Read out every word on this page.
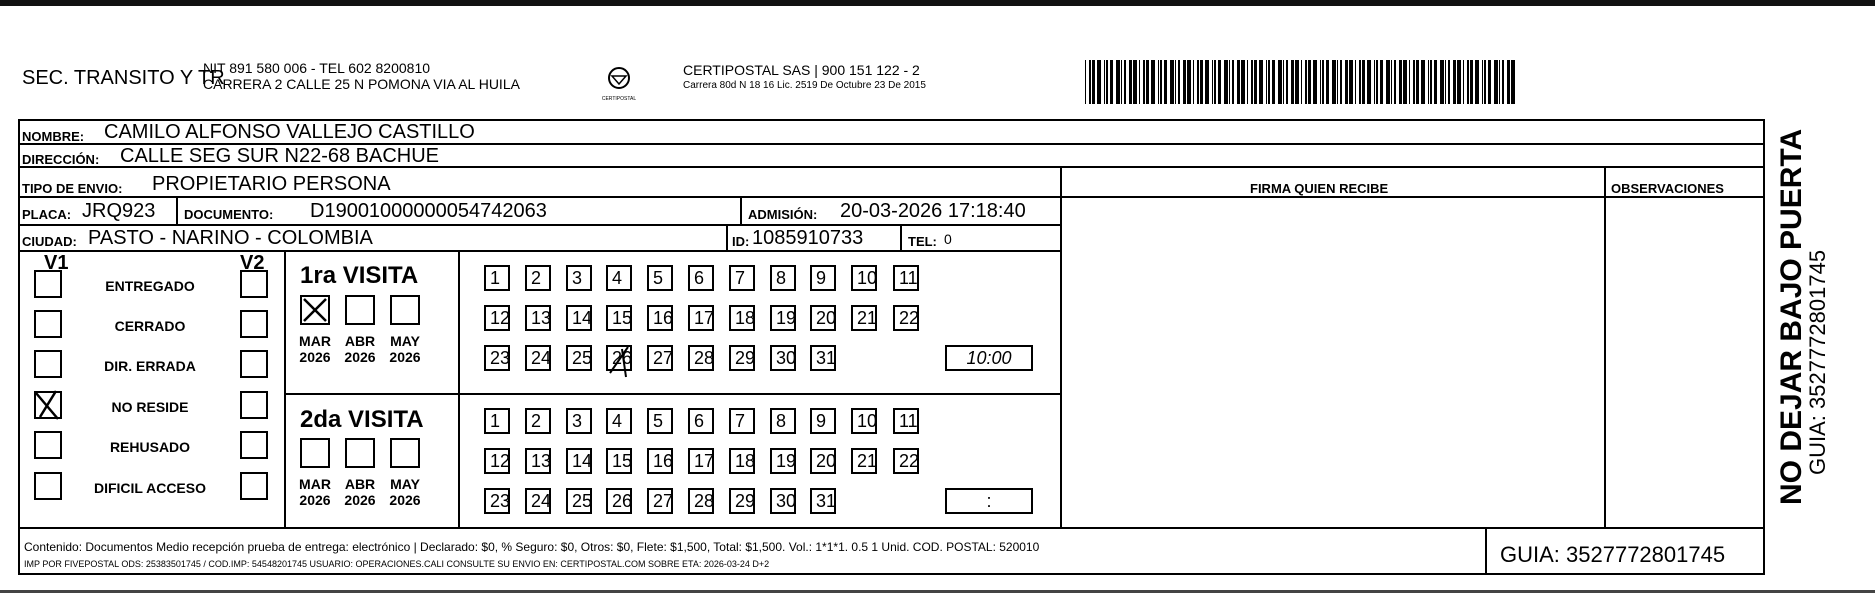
SEC. TRANSITO Y TR
NIT 891 580 006 - TEL 602 8200810
CARRERA 2 CALLE 25 N POMONA VIA AL HUILA
CERTIPOSTAL
CERTIPOSTAL SAS | 900 151 122 - 2
Carrera 80d N 18 16 Lic. 2519 De Octubre 23 De 2015
NOMBRE: CAMILO ALFONSO VALLEJO CASTILLO
DIRECCIÓN: CALLE SEG SUR N22-68 BACHUE
TIPO DE ENVIO: PROPIETARIO PERSONA	FIRMA QUIEN RECIBE	OBSERVACIONES
PLACA: JRQ923 DOCUMENTO: D19001000000054742063	ADMISIÓN: 20-03-2026 17:18:40
CIUDAD: PASTO - NARINO - COLOMBIA	ID: 1085910733	TEL: 0
V1	V2
ENTREGADO
CERRADO
DIR. ERRADA
NO RESIDE
REHUSADO
DIFICIL ACCESO
1ra VISITA
2da VISITA
MAR
2026
ABR
2026
MAY
2026
1	2	3	4	5	6	7	8	9	10	11
12	13	14	15	16	17	18	19	20	21	22
23	24	25	26	27	28	29	30	31	10:00
MAR
2026
ABR
2026
MAY
2026
1	2	3	4	5	6	7	8	9	10	11
12	13	14	15	16	17	18	19	20	21	22
23	24	25	26	27	28	29	30	31	:
Contenido: Documentos Medio recepción prueba de entrega: electrónico | Declarado: $0, % Seguro: $0, Otros: $0, Flete: $1,500, Total: $1,500. Vol.: 1*1*1. 0.5 1 Unid. COD. POSTAL: 520010
IMP POR FIVEPOSTAL ODS: 25383501745 / COD.IMP: 54548201745 USUARIO: OPERACIONES.CALI CONSULTE SU ENVIO EN: CERTIPOSTAL.COM SOBRE ETA: 2026-03-24 D+2	GUIA: 3527772801745
NO DEJAR BAJO PUERTA
GUIA: 3527772801745
